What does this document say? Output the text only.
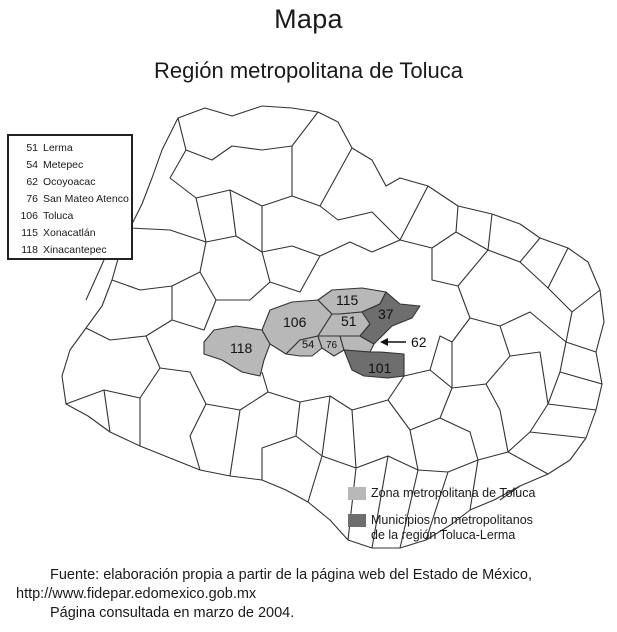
Mapa
Región metropolitana de Toluca
118
106
115
51 37
54 76	62
101
51 Lerma
54 Metepec
62 Ocoyoacac
76 San Mateo Atenco
106 Toluca
115 Xonacatlán
118 Xinacantepec
Zona metropolitana de Toluca
Municipios no metropolitanos
de la región Toluca-Lerma
Fuente: elaboración propia a partir de la página web del Estado de México,
http://www.fidepar.edomexico.gob.mx
Página consultada en marzo de 2004.
